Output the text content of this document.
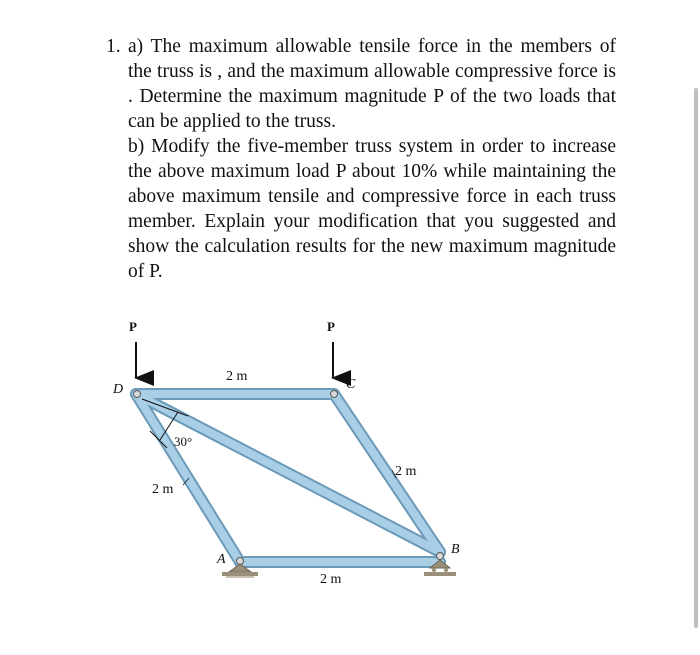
1. a) The maximum allowable tensile force in the members of the truss is , and the maximum allowable compressive force is . Determine the maximum magnitude P of the two loads that can be applied to the truss.

b) Modify the five-member truss system in order to increase the above maximum load P about 10% while maintaining the above maximum tensile and compressive force in each truss member. Explain your modification that you suggested and show the calculation results for the new maximum magnitude of P.

P	P
D	C
A
B
2 m
2 m
2 m
2 m
30°
